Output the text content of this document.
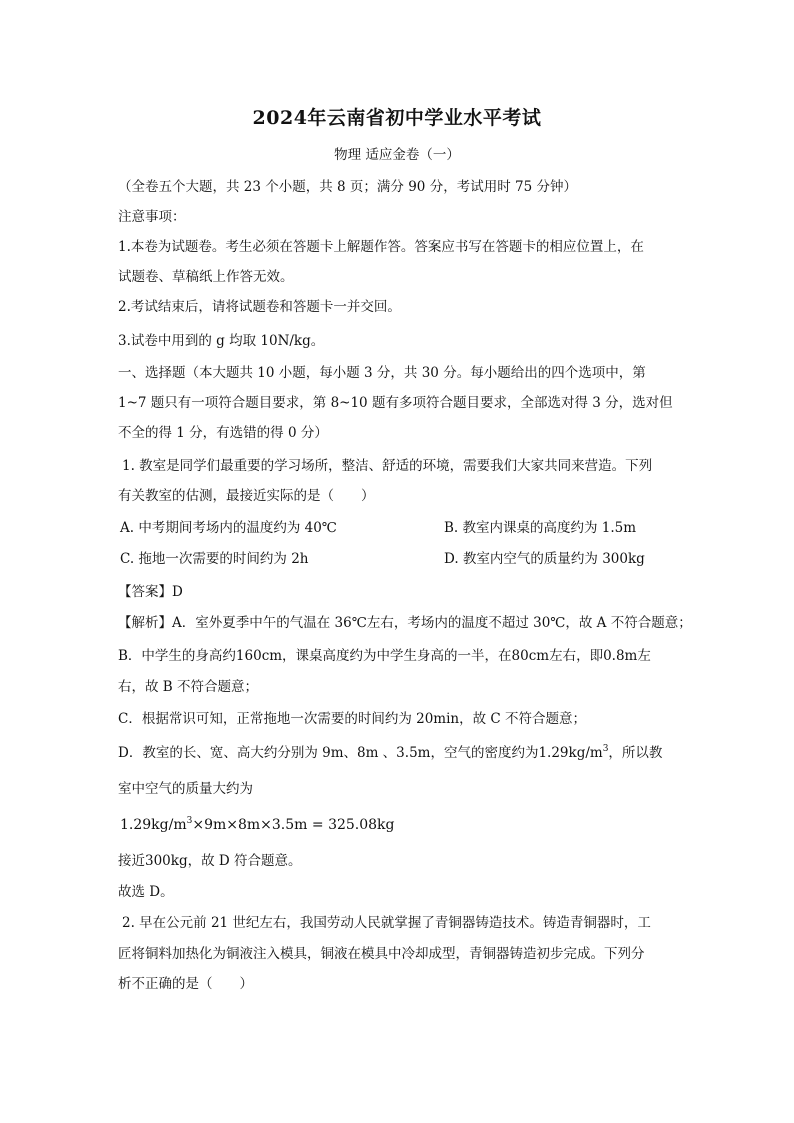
2024年云南省初中学业水平考试
物理 适应金卷（一）
（全卷五个大题，共 23 个小题，共 8 页；满分 90 分，考试用时 75 分钟）
注意事项：
1.本卷为试题卷。考生必须在答题卡上解题作答。答案应书写在答题卡的相应位置上，在
试题卷、草稿纸上作答无效。
2.考试结束后，请将试题卷和答题卡一并交回。
3.试卷中用到的 g 均取 10N/kg。
一、选择题（本大题共 10 小题，每小题 3 分，共 30 分。每小题给出的四个选项中，第
1~7 题只有一项符合题目要求，第 8~10 题有多项符合题目要求，全部选对得 3 分，选对但
不全的得 1 分，有选错的得 0 分）
1. 教室是同学们最重要的学习场所，整洁、舒适的环境，需要我们大家共同来营造。下列
有关教室的估测，最接近实际的是（　　）
A. 中考期间考场内的温度约为 40℃	B. 教室内课桌的高度约为 1.5m
C. 拖地一次需要的时间约为 2h	D. 教室内空气的质量约为 300kg
【答案】D
【解析】A．室外夏季中午的气温在 36℃左右，考场内的温度不超过 30℃，故 A 不符合题意；
B．中学生的身高约160cm，课桌高度约为中学生身高的一半，在80cm左右，即0.8m左
右，故 B 不符合题意；
C．根据常识可知，正常拖地一次需要的时间约为 20min，故 C 不符合题意；
D．教室的长、宽、高大约分别为 9m、8m 、3.5m，空气的密度约为$1.29kg/m^3$，所以教
室中空气的质量大约为
$1.29kg/m^3\times 9m\times 8m\times 3.5m = 325.08kg$
接近300kg，故 D 符合题意。
故选 D。
2. 早在公元前 21 世纪左右，我国劳动人民就掌握了青铜器铸造技术。铸造青铜器时，工
匠将铜料加热化为铜液注入模具，铜液在模具中冷却成型，青铜器铸造初步完成。下列分
析不正确的是（　　）
